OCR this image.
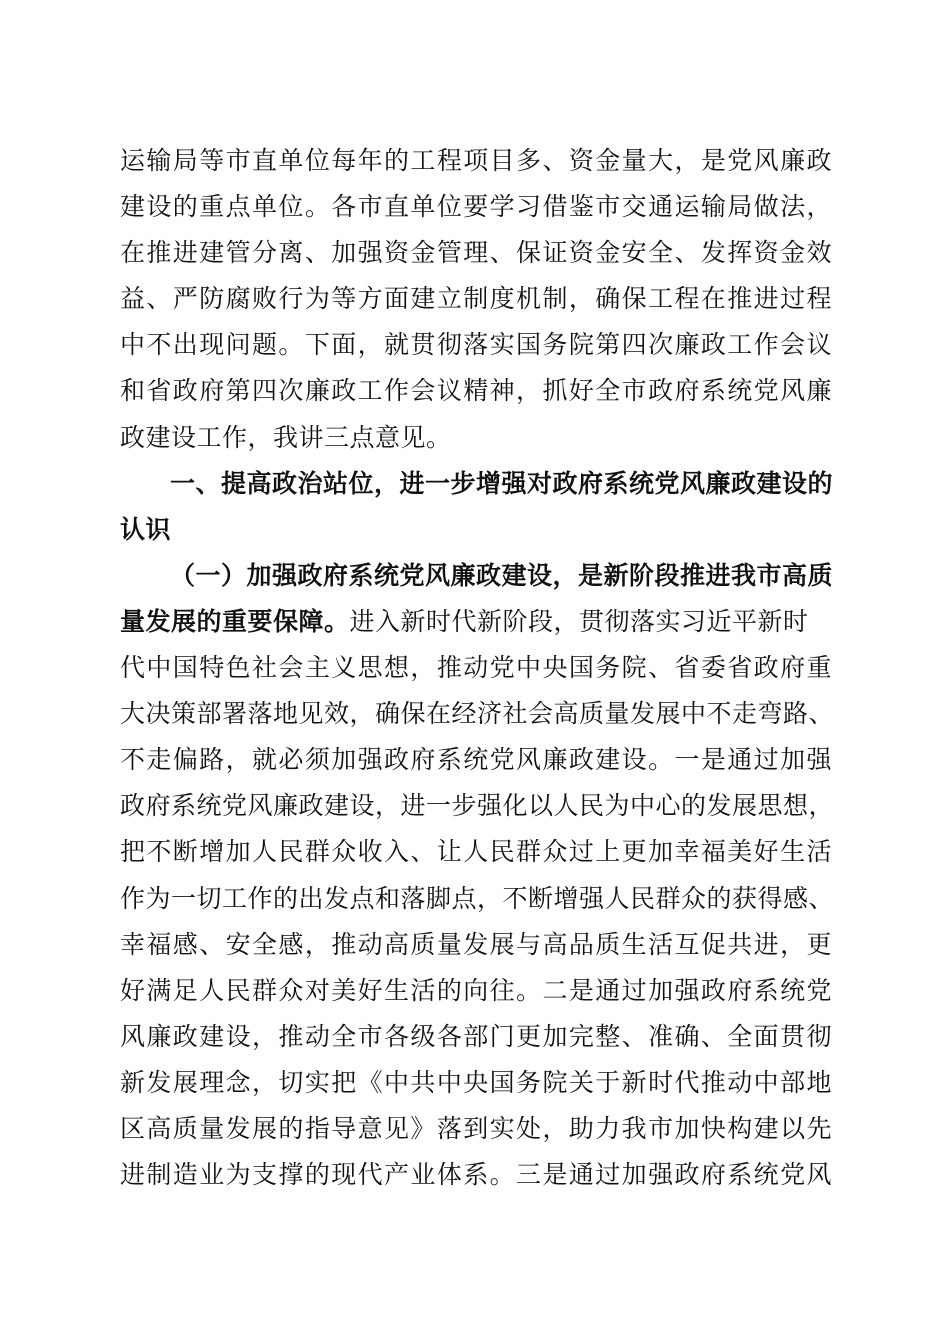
运输局等市直单位每年的工程项目多、资金量大，是党风廉政
建设的重点单位。各市直单位要学习借鉴市交通运输局做法，
在推进建管分离、加强资金管理、保证资金安全、发挥资金效
益、严防腐败行为等方面建立制度机制，确保工程在推进过程
中不出现问题。下面，就贯彻落实国务院第四次廉政工作会议
和省政府第四次廉政工作会议精神，抓好全市政府系统党风廉
政建设工作，我讲三点意见。
一、提高政治站位，进一步增强对政府系统党风廉政建设的
认识
（一）加强政府系统党风廉政建设，是新阶段推进我市高质
量发展的重要保障。进入新时代新阶段，贯彻落实习近平新时
代中国特色社会主义思想，推动党中央国务院、省委省政府重
大决策部署落地见效，确保在经济社会高质量发展中不走弯路、
不走偏路，就必须加强政府系统党风廉政建设。一是通过加强
政府系统党风廉政建设，进一步强化以人民为中心的发展思想，
把不断增加人民群众收入、让人民群众过上更加幸福美好生活
作为一切工作的出发点和落脚点，不断增强人民群众的获得感、
幸福感、安全感，推动高质量发展与高品质生活互促共进，更
好满足人民群众对美好生活的向往。二是通过加强政府系统党
风廉政建设，推动全市各级各部门更加完整、准确、全面贯彻
新发展理念，切实把《中共中央国务院关于新时代推动中部地
区高质量发展的指导意见》落到实处，助力我市加快构建以先
进制造业为支撑的现代产业体系。三是通过加强政府系统党风
